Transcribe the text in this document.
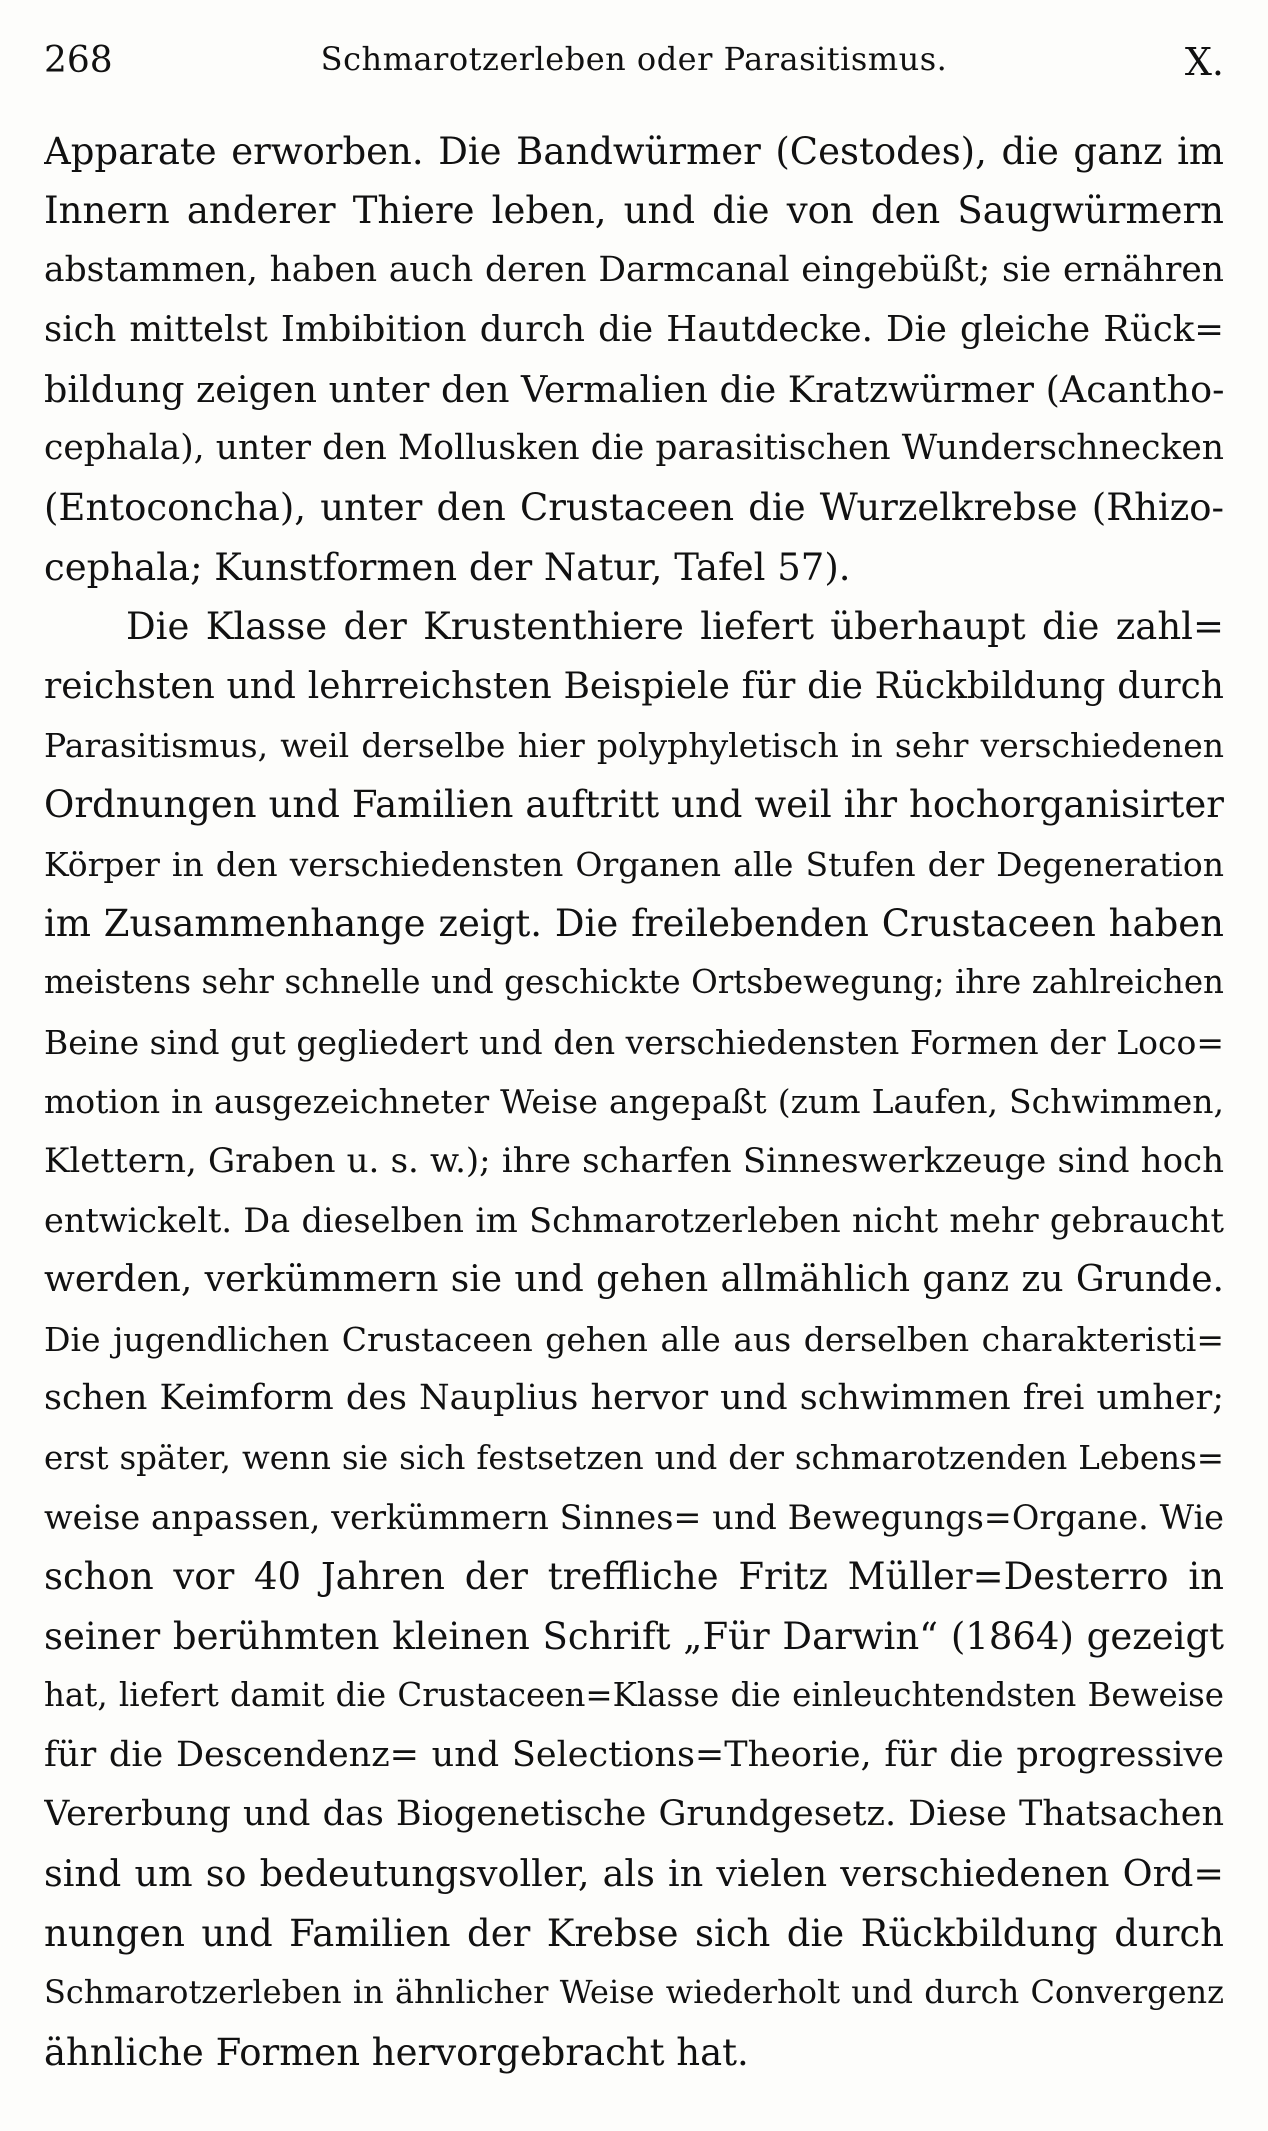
268	Schmarotzerleben oder Parasitismus.	X.
Apparate erworben. Die Bandwürmer (Cestodes), die ganz im
Innern anderer Thiere leben, und die von den Saugwürmern
abstammen, haben auch deren Darmcanal eingebüßt; sie ernähren
sich mittelst Imbibition durch die Hautdecke. Die gleiche Rück=
bildung zeigen unter den Vermalien die Kratzwürmer (Acantho-
cephala), unter den Mollusken die parasitischen Wunderschnecken
(Entoconcha), unter den Crustaceen die Wurzelkrebse (Rhizo-
cephala; Kunstformen der Natur, Tafel 57).
Die Klasse der Krustenthiere liefert überhaupt die zahl=
reichsten und lehrreichsten Beispiele für die Rückbildung durch
Parasitismus, weil derselbe hier polyphyletisch in sehr verschiedenen
Ordnungen und Familien auftritt und weil ihr hochorganisirter
Körper in den verschiedensten Organen alle Stufen der Degeneration
im Zusammenhange zeigt. Die freilebenden Crustaceen haben
meistens sehr schnelle und geschickte Ortsbewegung; ihre zahlreichen
Beine sind gut gegliedert und den verschiedensten Formen der Loco=
motion in ausgezeichneter Weise angepaßt (zum Laufen, Schwimmen,
Klettern, Graben u. s. w.); ihre scharfen Sinneswerkzeuge sind hoch
entwickelt. Da dieselben im Schmarotzerleben nicht mehr gebraucht
werden, verkümmern sie und gehen allmählich ganz zu Grunde.
Die jugendlichen Crustaceen gehen alle aus derselben charakteristi=
schen Keimform des Nauplius hervor und schwimmen frei umher;
erst später, wenn sie sich festsetzen und der schmarotzenden Lebens=
weise anpassen, verkümmern Sinnes= und Bewegungs=Organe. Wie
schon vor 40 Jahren der treffliche Fritz Müller=Desterro in
seiner berühmten kleinen Schrift „Für Darwin“ (1864) gezeigt
hat, liefert damit die Crustaceen=Klasse die einleuchtendsten Beweise
für die Descendenz= und Selections=Theorie, für die progressive
Vererbung und das Biogenetische Grundgesetz. Diese Thatsachen
sind um so bedeutungsvoller, als in vielen verschiedenen Ord=
nungen und Familien der Krebse sich die Rückbildung durch
Schmarotzerleben in ähnlicher Weise wiederholt und durch Convergenz
ähnliche Formen hervorgebracht hat.
